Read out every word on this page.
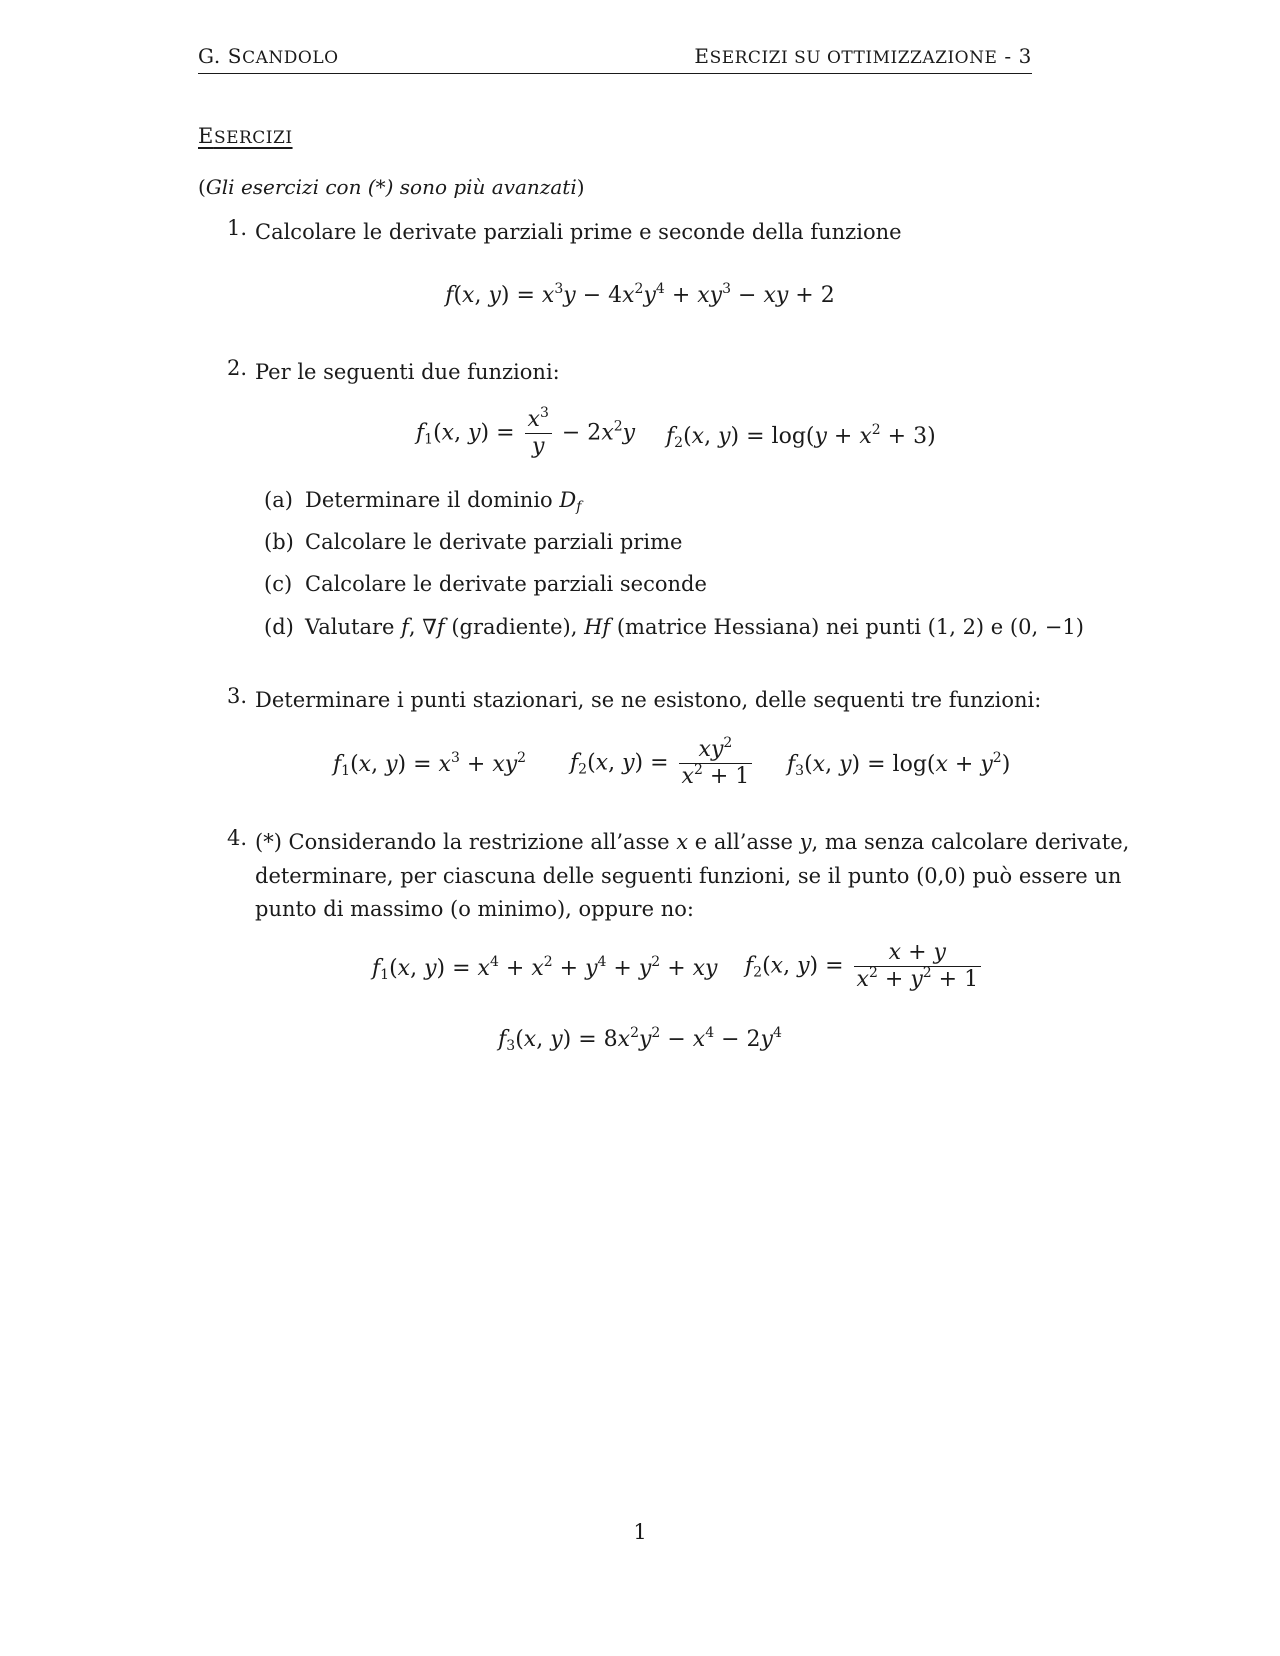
G. SCANDOLO	ESERCIZI SU OTTIMIZZAZIONE - 3
ESERCIZI
(Gli esercizi con (*) sono più avanzati)
1. Calcolare le derivate parziali prime e seconde della funzione
f(x, $y) = x^3y - 4x^2y^4 + xy^3$ − xy + 2
2. Per le seguenti due funzioni:
$f_1(x$, $y) = \frac{x^3}{y} - 2x^2y$ $f_2(x$, $y) = \log(y + x^2 + 3)$
(a) Determinare il dominio $D_f$
(b) Calcolare le derivate parziali prime
(c) Calcolare le derivate parziali seconde
(d) Valutare f, ∇f (gradiente), Hf (matrice Hessiana) nei punti (1, 2) e (0, −1)
3. Determinare i punti stazionari, se ne esistono, delle sequenti tre funzioni:
$f_1(x$, $y) = x^3 + xy^2$ $f_2(x$, $y) = \frac{xy^2}{x^2 + 1} f_3(x$, $y) = \log(x + y^2)$
4. (*) Considerando la restrizione all’asse x e all’asse y, ma senza calcolare derivate,
determinare, per ciascuna delle seguenti funzioni, se il punto (0,0) può essere un
punto di massimo (o minimo), oppure no:
$f_1(x$, $y) = x^4 + x^2 + y^4 + y^2$ + xy $f_2(x$, $y) = \frac{x + y}{x^2 + y^2 + 1}$
$f_3(x$, $y) = 8x^2y^2 - x^4 - 2y^4$
1
